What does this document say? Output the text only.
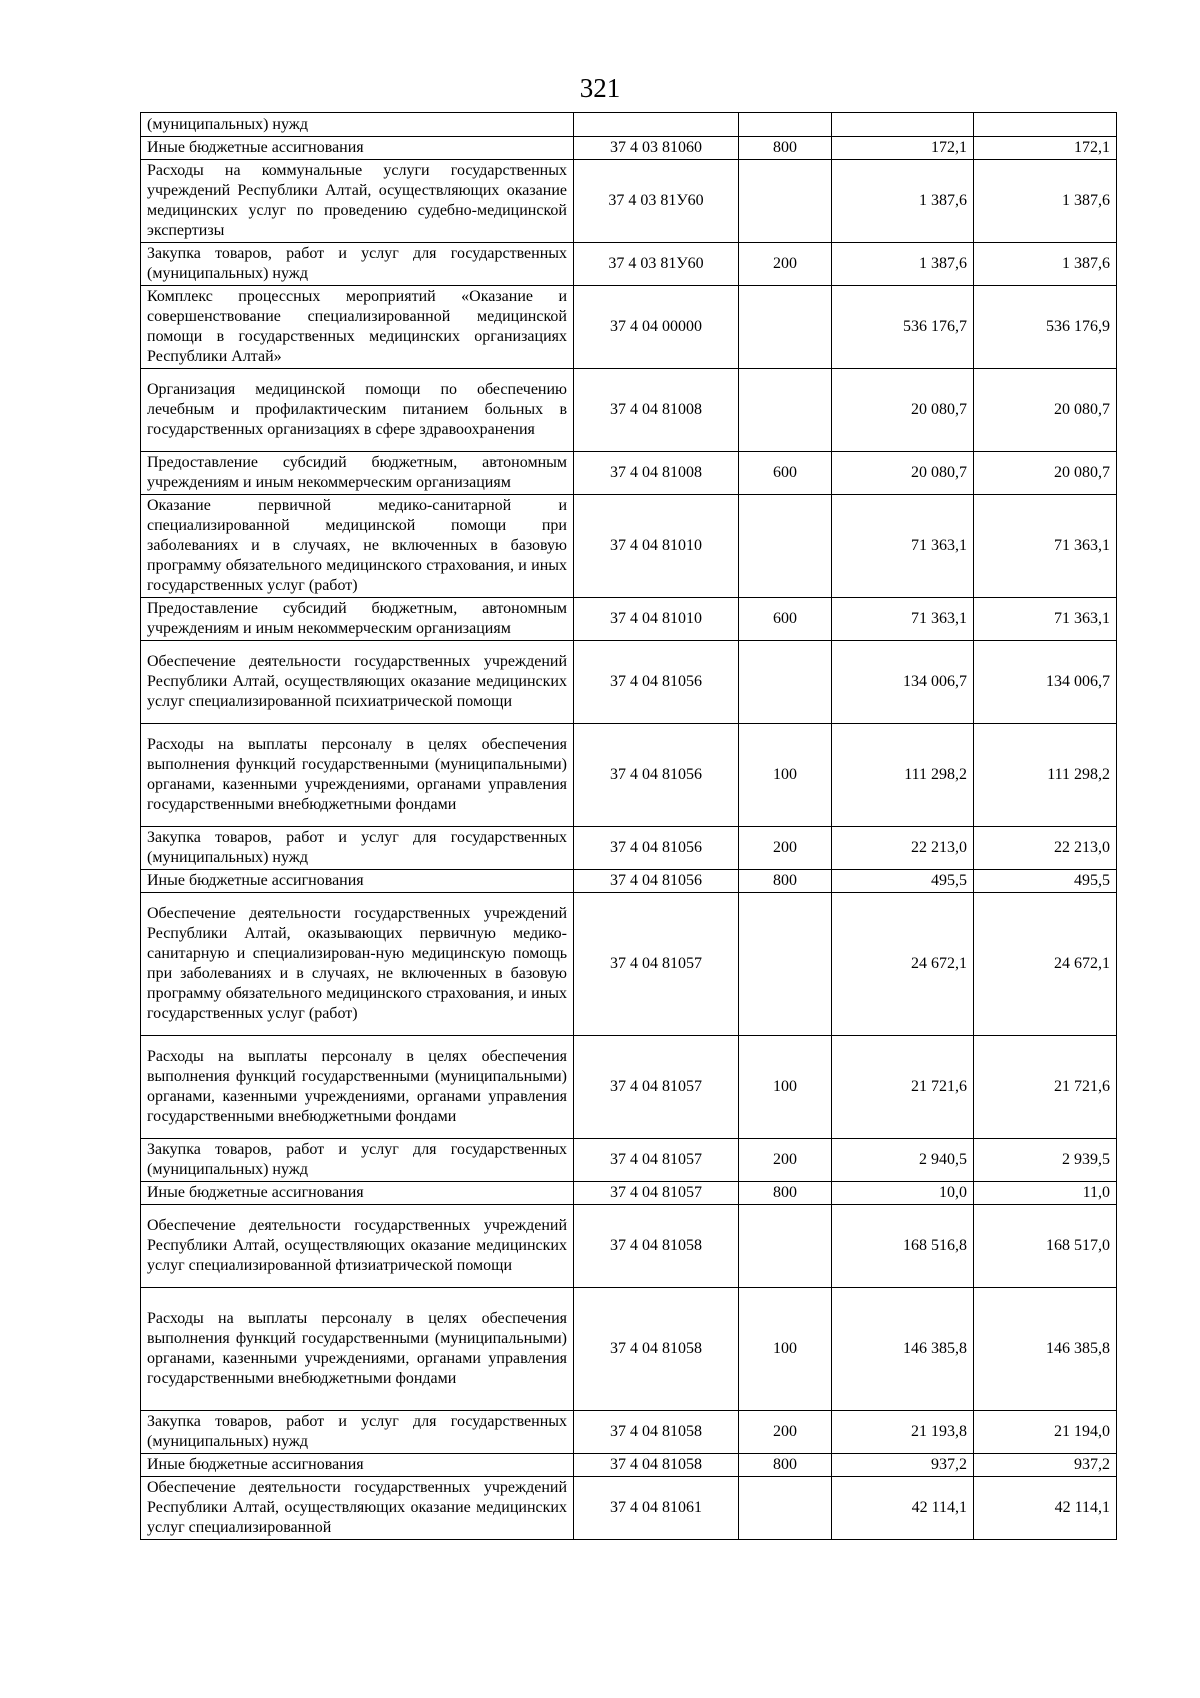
321
(муниципальных) нужд				
Иные бюджетные ассигнования	37 4 03 81060	800	172,1	172,1
Расходы на коммунальные услуги государственных учреждений Республики Алтай, осуществляющих оказание медицинских услуг по проведению судебно-медицинской экспертизы	37 4 03 81У60		1 387,6	1 387,6
Закупка товаров, работ и услуг для государственных (муниципальных) нужд	37 4 03 81У60	200	1 387,6	1 387,6
Комплекс процессных мероприятий «Оказание и совершенствование специализированной медицинской помощи в государственных медицинских организациях Республики Алтай»	37 4 04 00000		536 176,7	536 176,9
Организация медицинской помощи по обеспечению лечебным и профилактическим питанием больных в государственных организациях в сфере здравоохранения	37 4 04 81008		20 080,7	20 080,7
Предоставление субсидий бюджетным, автономным учреждениям и иным некоммерческим организациям	37 4 04 81008	600	20 080,7	20 080,7
Оказание первичной медико-санитарной и специализированной медицинской помощи при заболеваниях и в случаях, не включенных в базовую программу обязательного медицинского страхования, и иных государственных услуг (работ)	37 4 04 81010		71 363,1	71 363,1
Предоставление субсидий бюджетным, автономным учреждениям и иным некоммерческим организациям	37 4 04 81010	600	71 363,1	71 363,1
Обеспечение деятельности государственных учреждений Республики Алтай, осуществляющих оказание медицинских услуг специализированной психиатрической помощи	37 4 04 81056		134 006,7	134 006,7
Расходы на выплаты персоналу в целях обеспечения выполнения функций государственными (муниципальными) органами, казенными учреждениями, органами управления государственными внебюджетными фондами	37 4 04 81056	100	111 298,2	111 298,2
Закупка товаров, работ и услуг для государственных (муниципальных) нужд	37 4 04 81056	200	22 213,0	22 213,0
Иные бюджетные ассигнования	37 4 04 81056	800	495,5	495,5
Обеспечение деятельности государственных учреждений Республики Алтай, оказывающих первичную медико-санитарную и специализирован-ную медицинскую помощь при заболеваниях и в случаях, не включенных в базовую программу обязательного медицинского страхования, и иных государственных услуг (работ)	37 4 04 81057		24 672,1	24 672,1
Расходы на выплаты персоналу в целях обеспечения выполнения функций государственными (муниципальными) органами, казенными учреждениями, органами управления государственными внебюджетными фондами	37 4 04 81057	100	21 721,6	21 721,6
Закупка товаров, работ и услуг для государственных (муниципальных) нужд	37 4 04 81057	200	2 940,5	2 939,5
Иные бюджетные ассигнования	37 4 04 81057	800	10,0	11,0
Обеспечение деятельности государственных учреждений Республики Алтай, осуществляющих оказание медицинских услуг специализированной фтизиатрической помощи	37 4 04 81058		168 516,8	168 517,0
Расходы на выплаты персоналу в целях обеспечения выполнения функций государственными (муниципальными) органами, казенными учреждениями, органами управления государственными внебюджетными фондами	37 4 04 81058	100	146 385,8	146 385,8
Закупка товаров, работ и услуг для государственных (муниципальных) нужд	37 4 04 81058	200	21 193,8	21 194,0
Иные бюджетные ассигнования	37 4 04 81058	800	937,2	937,2
Обеспечение деятельности государственных учреждений Республики Алтай, осуществляющих оказание медицинских услуг специализированной	37 4 04 81061		42 114,1	42 114,1
